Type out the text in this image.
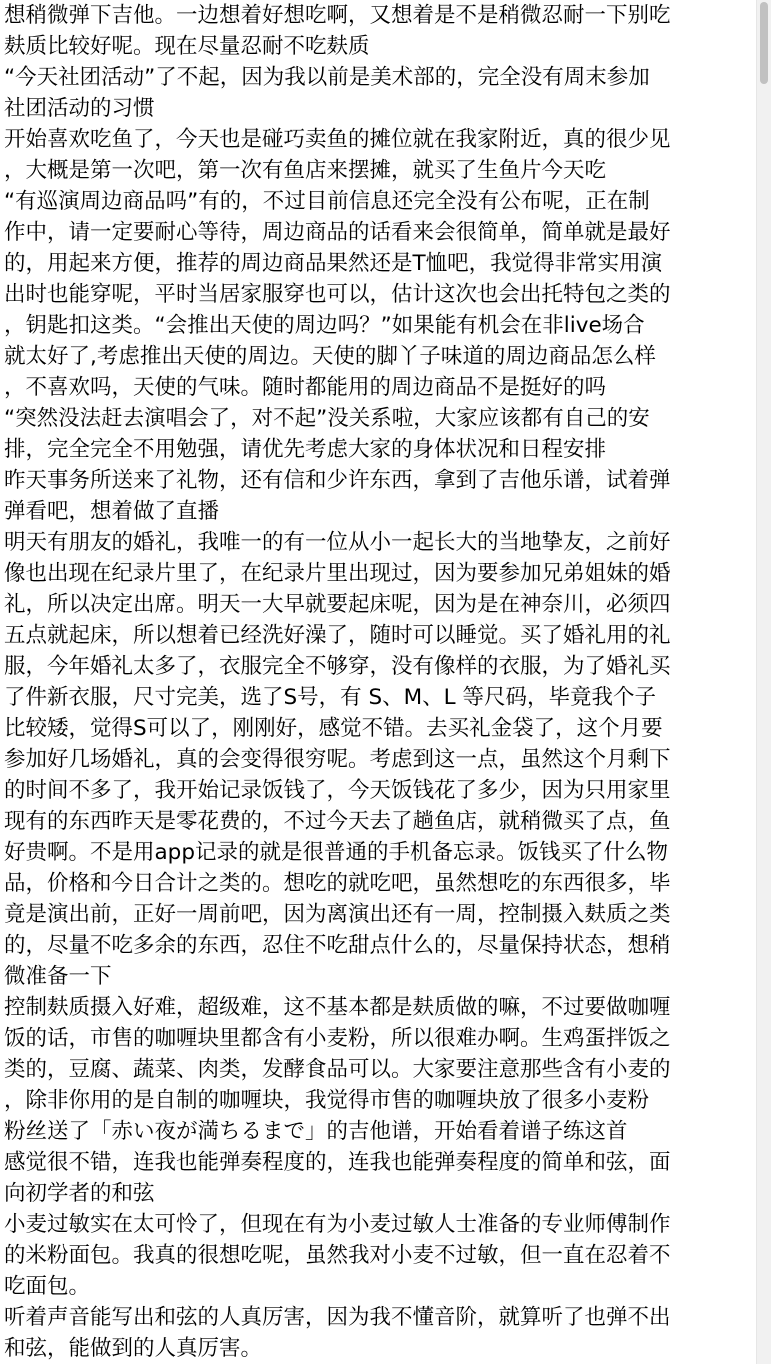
想稍微弹下吉他。一边想着好想吃啊，又想着是不是稍微忍耐一下别吃

麸质比较好呢。现在尽量忍耐不吃麸质

“今天社团活动”了不起，因为我以前是美术部的，完全没有周末参加

社团活动的习惯

开始喜欢吃鱼了，今天也是碰巧卖鱼的摊位就在我家附近，真的很少见

，大概是第一次吧，第一次有鱼店来摆摊，就买了生鱼片今天吃

“有巡演周边商品吗”有的，不过目前信息还完全没有公布呢，正在制

作中，请一定要耐心等待，周边商品的话看来会很简单，简单就是最好

的，用起来方便，推荐的周边商品果然还是T恤吧，我觉得非常实用演

出时也能穿呢，平时当居家服穿也可以，估计这次也会出托特包之类的

，钥匙扣这类。“会推出天使的周边吗？”如果能有机会在非live场合

就太好了,考虑推出天使的周边。天使的脚丫子味道的周边商品怎么样

，不喜欢吗，天使的气味。随时都能用的周边商品不是挺好的吗

“突然没法赶去演唱会了，对不起”没关系啦，大家应该都有自己的安

排，完全完全不用勉强，请优先考虑大家的身体状况和日程安排

昨天事务所送来了礼物，还有信和少许东西，拿到了吉他乐谱，试着弹

弹看吧，想着做了直播

明天有朋友的婚礼，我唯一的有一位从小一起长大的当地挚友，之前好

像也出现在纪录片里了，在纪录片里出现过，因为要参加兄弟姐妹的婚

礼，所以决定出席。明天一大早就要起床呢，因为是在神奈川，必须四

五点就起床，所以想着已经洗好澡了，随时可以睡觉。买了婚礼用的礼

服，今年婚礼太多了，衣服完全不够穿，没有像样的衣服，为了婚礼买

了件新衣服，尺寸完美，选了S号，有 S、M、L 等尺码，毕竟我个子

比较矮，觉得S可以了，刚刚好，感觉不错。去买礼金袋了，这个月要

参加好几场婚礼，真的会变得很穷呢。考虑到这一点，虽然这个月剩下

的时间不多了，我开始记录饭钱了，今天饭钱花了多少，因为只用家里

现有的东西昨天是零花费的，不过今天去了趟鱼店，就稍微买了点，鱼

好贵啊。不是用app记录的就是很普通的手机备忘录。饭钱买了什么物

品，价格和今日合计之类的。想吃的就吃吧，虽然想吃的东西很多，毕

竟是演出前，正好一周前吧，因为离演出还有一周，控制摄入麸质之类

的，尽量不吃多余的东西，忍住不吃甜点什么的，尽量保持状态，想稍

微准备一下

控制麸质摄入好难，超级难，这不基本都是麸质做的嘛，不过要做咖喱

饭的话，市售的咖喱块里都含有小麦粉，所以很难办啊。生鸡蛋拌饭之

类的，豆腐、蔬菜、肉类，发酵食品可以。大家要注意那些含有小麦的

，除非你用的是自制的咖喱块，我觉得市售的咖喱块放了很多小麦粉

粉丝送了「赤い夜が満ちるまで」的吉他谱，开始看着谱子练这首

感觉很不错，连我也能弹奏程度的，连我也能弹奏程度的简单和弦，面

向初学者的和弦

小麦过敏实在太可怜了，但现在有为小麦过敏人士准备的专业师傅制作

的米粉面包。我真的很想吃呢，虽然我对小麦不过敏，但一直在忍着不

吃面包。

听着声音能写出和弦的人真厉害，因为我不懂音阶，就算听了也弹不出

和弦，能做到的人真厉害。
